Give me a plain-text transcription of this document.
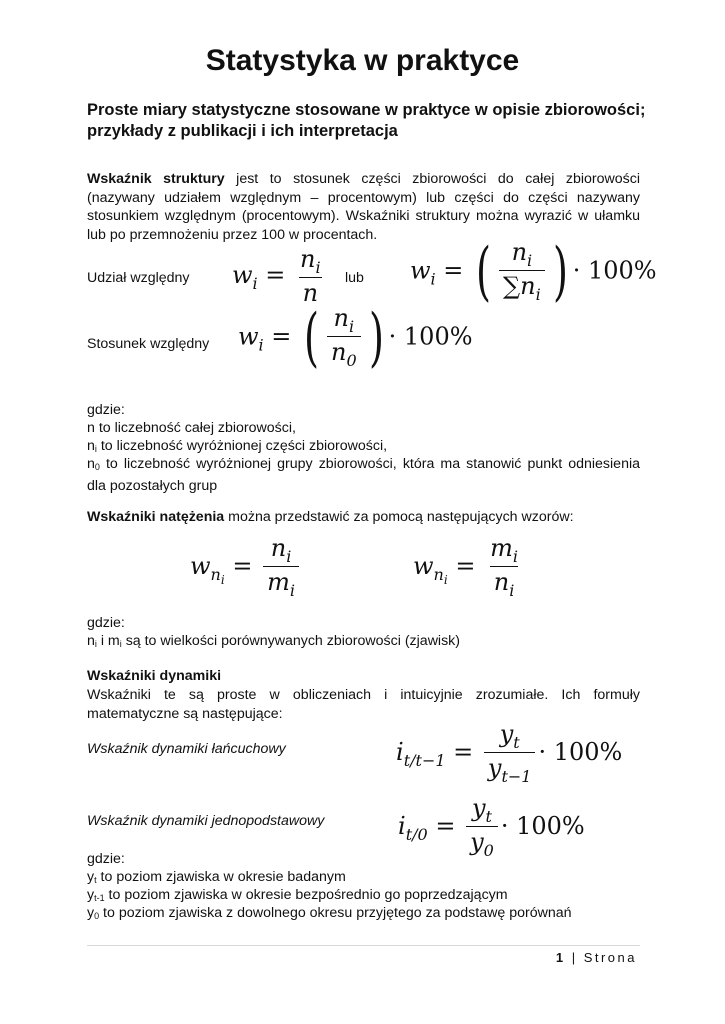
Statystyka w praktyce
Proste miary statystyczne stosowane w praktyce w opisie zbiorowości; przykłady z publikacji i ich interpretacja
Wskaźnik struktury jest to stosunek części zbiorowości do całej zbiorowości (nazywany udziałem względnym – procentowym) lub części do części nazywany stosunkiem względnym (procentowym). Wskaźniki struktury można wyrazić w ułamku lub po przemnożeniu przez 100 w procentach.
Udział względny $w_i = \frac{n_i}{n}$ lub $w_i$ = ( $\frac{n_i}{\sum n_i}$ ) · 100%
Stosunek względny $w_i$ = ( $\frac{n_i}{n_0}$ ) · 100%
gdzie:
n to liczebność całej zbiorowości,
$n_i$ to liczebność wyróżnionej części zbiorowości,
$n_0$ to liczebność wyróżnionej grupy zbiorowości, która ma stanowić punkt odniesienia dla pozostałych grup
Wskaźniki natężenia można przedstawić za pomocą następujących wzorów:
$w_{n_i} = \frac{n_i}{m_i}$	$w_{n_i} = \frac{m_i}{n_i}$
gdzie:
$n_i$ i $m_i$ są to wielkości porównywanych zbiorowości (zjawisk)
Wskaźniki dynamiki
Wskaźniki te są proste w obliczeniach i intuicyjnie zrozumiałe. Ich formuły matematyczne są następujące:
Wskaźnik dynamiki łańcuchowy	$i_{t/t-1} = \frac{y_t}{y_{t-1}} \cdot 100\%$
Wskaźnik dynamiki jednopodstawowy	$i_{t/0} = \frac{y_t}{y_0} \cdot 100\%$
gdzie:
$y_t$ to poziom zjawiska w okresie badanym
$y_{t-1}$ to poziom zjawiska w okresie bezpośrednio go poprzedzającym
$y_0$ to poziom zjawiska z dowolnego okresu przyjętego za podstawę porównań
1 | Strona
